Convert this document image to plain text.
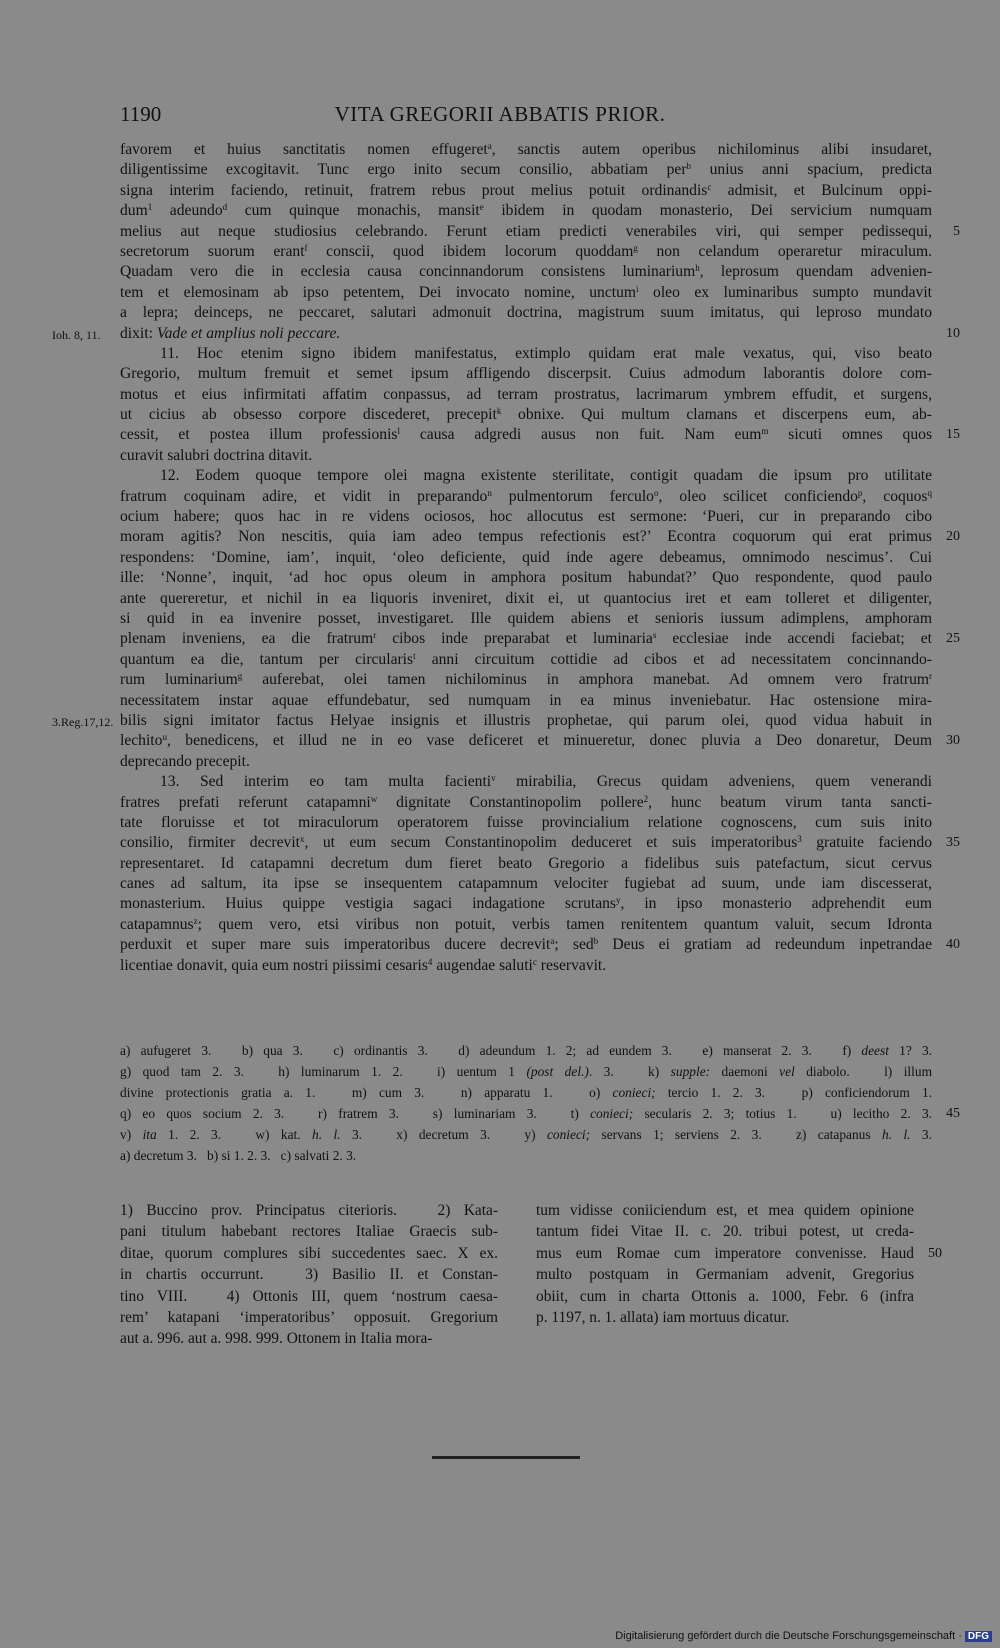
1190	VITA GREGORII ABBATIS PRIOR.
favorem et huius sanctitatis nomen effugeret$^a$, sanctis autem operibus nichilominus alibi insudaret,
diligentissime excogitavit. Tunc ergo inito secum consilio, abbatiam per$^b$ unius anni spacium, predicta
signa interim faciendo, retinuit, fratrem rebus prout melius potuit ordinandis$^c$ admisit, et Bulcinum oppi-
dum$^1$ adeundo$^d$ cum quinque monachis, mansit$^e$ ibidem in quodam monasterio, Dei servicium numquam
melius aut neque studiosius celebrando. Ferunt etiam predicti venerabiles viri, qui semper pedissequi, 5
secretorum suorum erant$^f$ conscii, quod ibidem locorum quoddam$^g$ non celandum operaretur miraculum.
Quadam vero die in ecclesia causa concinnandorum consistens luminarium$^h$, leprosum quendam advenien-
tem et elemosinam ab ipso petentem, Dei invocato nomine, unctum$^i$ oleo ex luminaribus sumpto mundavit
a lepra; deinceps, ne peccaret, salutari admonuit doctrina, magistrum suum imitatus, qui leproso mundato
dixit: Vade et amplius noli peccare.	10
Ioh. 8, 11.
11. Hoc etenim signo ibidem manifestatus, extimplo quidam erat male vexatus, qui, viso beato
Gregorio, multum fremuit et semet ipsum affligendo discerpsit. Cuius admodum laborantis dolore com-
motus et eius infirmitati affatim conpassus, ad terram prostratus, lacrimarum ymbrem effudit, et surgens,
ut cicius ab obsesso corpore discederet, precepit$^k$ obnixe. Qui multum clamans et discerpens eum, ab-
cessit, et postea illum professionis$^l$ causa adgredi ausus non fuit. Nam eum$^m$ sicuti omnes quos 15
curavit salubri doctrina ditavit.
12. Eodem quoque tempore olei magna existente sterilitate, contigit quadam die ipsum pro utilitate
fratrum coquinam adire, et vidit in preparando$^n$ pulmentorum ferculo$^o$, oleo scilicet conficiendo$^p$, coquos$^q$
ocium habere; quos hac in re videns ociosos, hoc allocutus est sermone: ‘Pueri, cur in preparando cibo
moram agitis? Non nescitis, quia iam adeo tempus refectionis est?’ Econtra coquorum qui erat primus 20
respondens: ‘Domine, iam’, inquit, ‘oleo deficiente, quid inde agere debeamus, omnimodo nescimus’. Cui
ille: ‘Nonne’, inquit, ‘ad hoc opus oleum in amphora positum habundat?’ Quo respondente, quod paulo
ante quereretur, et nichil in ea liquoris inveniret, dixit ei, ut quantocius iret et eam tolleret et diligenter,
si quid in ea invenire posset, investigaret. Ille quidem abiens et senioris iussum adimplens, amphoram
plenam inveniens, ea die fratrum$^r$ cibos inde preparabat et luminaria$^s$ ecclesiae inde accendi faciebat; et 25
quantum ea die, tantum per circularis$^t$ anni circuitum cottidie ad cibos et ad necessitatem concinnando-
rum luminarium$^g$ auferebat, olei tamen nichilominus in amphora manebat. Ad omnem vero fratrum$^r$
necessitatem instar aquae effundebatur, sed numquam in ea minus inveniebatur. Hac ostensione mira-
bilis signi imitator factus Helyae insignis et illustris prophetae, qui parum olei, quod vidua habuit in
3.Reg.17,12.
lechito$^u$, benedicens, et illud ne in eo vase deficeret et minueretur, donec pluvia a Deo donaretur, Deum 30
deprecando precepit.
13. Sed interim eo tam multa facienti$^v$ mirabilia, Grecus quidam adveniens, quem venerandi
fratres prefati referunt catapamni$^w$ dignitate Constantinopolim pollere$^2$, hunc beatum virum tanta sancti-
tate floruisse et tot miraculorum operatorem fuisse provincialium relatione cognoscens, cum suis inito
consilio, firmiter decrevit$^x$, ut eum secum Constantinopolim deduceret et suis imperatoribus$^3$ gratuite faciendo 35
representaret. Id catapamni decretum dum fieret beato Gregorio a fidelibus suis patefactum, sicut cervus
canes ad saltum, ita ipse se insequentem catapamnum velociter fugiebat ad suum, unde iam discesserat,
monasterium. Huius quippe vestigia sagaci indagatione scrutans$^y$, in ipso monasterio adprehendit eum
catapamnus$^z$; quem vero, etsi viribus non potuit, verbis tamen renitentem quantum valuit, secum Idronta
perduxit et super mare suis imperatoribus ducere decrevit$^a$; sed$^b$ Deus ei gratiam ad redeundum inpetrandae 40
licentiae donavit, quia eum nostri piissimi cesaris$^4$ augendae saluti$^c$ reservavit.
a) aufugeret 3.   b) qua 3.   c) ordinantis 3.   d) adeundum 1. 2; ad eundem 3.   e) manserat 2. 3.   f) deest 1? 3.
g) quod tam 2. 3.   h) luminarum 1. 2.   i) uentum 1 (post del.). 3.   k) supple: daemoni vel diabolo.   l) illum
divine protectionis gratia a. 1.   m) cum 3.   n) apparatu 1.   o) conieci; tercio 1. 2. 3.   p) conficiendorum 1.
q) eo quos socium 2. 3.   r) fratrem 3.   s) luminariam 3.   t) conieci; secularis 2. 3; totius 1.   u) lecitho 2. 3. 45
v) ita 1. 2. 3.   w) kat. h. l. 3.   x) decretum 3.   y) conieci; servans 1; serviens 2. 3.   z) catapanus h. l. 3.
a) decretum 3.   b) si 1. 2. 3.   c) salvati 2. 3.
1) Buccino prov. Principatus citerioris.   2) Kata-
pani titulum habebant rectores Italiae Graecis sub-
ditae, quorum complures sibi succedentes saec. X ex.
in chartis occurrunt.   3) Basilio II. et Constan-
tino VIII.   4) Ottonis III, quem ‘nostrum caesa-
rem’ katapani ‘imperatoribus’ opposuit. Gregorium
aut a. 996. aut a. 998. 999. Ottonem in Italia mora-
tum vidisse coniiciendum est, et mea quidem opinione
tantum fidei Vitae II. c. 20. tribui potest, ut creda-
mus eum Romae cum imperatore convenisse. Haud 50
multo postquam in Germaniam advenit, Gregorius
obiit, cum in charta Ottonis a. 1000, Febr. 6 (infra
p. 1197, n. 1. allata) iam mortuus dicatur.
Digitalisierung gefördert durch die Deutsche Forschungsgemeinschaft · DFG
